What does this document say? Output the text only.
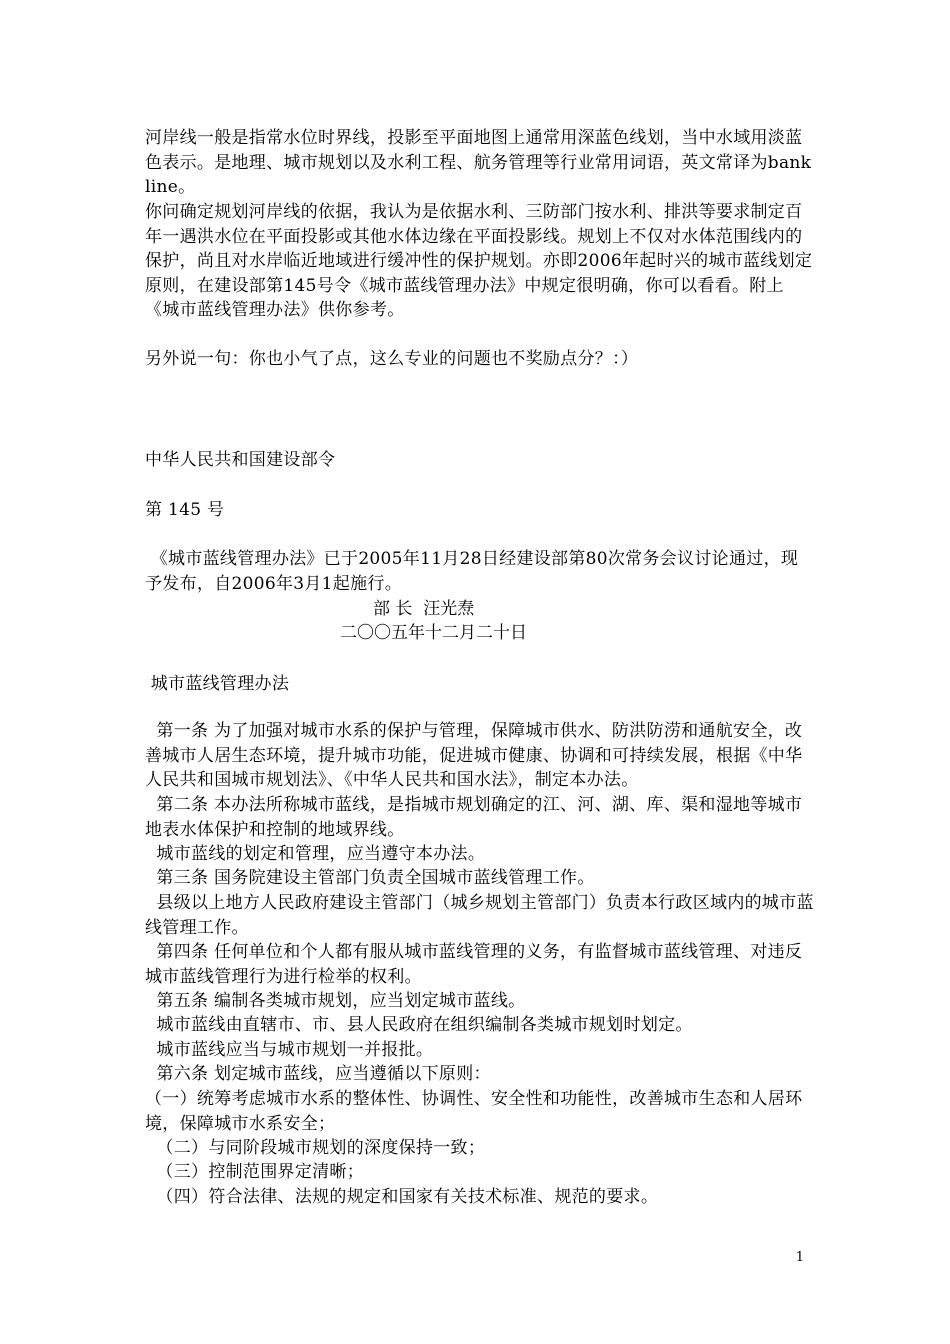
河岸线一般是指常水位时界线，投影至平面地图上通常用深蓝色线划，当中水域用淡蓝色表示。是地理、城市规划以及水利工程、航务管理等行业常用词语，英文常译为bank line。
你问确定规划河岸线的依据，我认为是依据水利、三防部门按水利、排洪等要求制定百年一遇洪水位在平面投影或其他水体边缘在平面投影线。规划上不仅对水体范围线内的保护，尚且对水岸临近地域进行缓冲性的保护规划。亦即2006年起时兴的城市蓝线划定原则，在建设部第145号令《城市蓝线管理办法》中规定很明确，你可以看看。附上《城市蓝线管理办法》供你参考。
另外说一句：你也小气了点，这么专业的问题也不奖励点分？：）
中华人民共和国建设部令
第 145 号
《城市蓝线管理办法》已于2005年11月28日经建设部第80次常务会议讨论通过，现予发布，自2006年3月1起施行。
部 长  汪光焘
二〇〇五年十二月二十日
城市蓝线管理办法
第一条 为了加强对城市水系的保护与管理，保障城市供水、防洪防涝和通航安全，改善城市人居生态环境，提升城市功能，促进城市健康、协调和可持续发展，根据《中华人民共和国城市规划法》、《中华人民共和国水法》，制定本办法。
第二条 本办法所称城市蓝线，是指城市规划确定的江、河、湖、库、渠和湿地等城市地表水体保护和控制的地域界线。
城市蓝线的划定和管理，应当遵守本办法。
第三条 国务院建设主管部门负责全国城市蓝线管理工作。
县级以上地方人民政府建设主管部门（城乡规划主管部门）负责本行政区域内的城市蓝线管理工作。
第四条 任何单位和个人都有服从城市蓝线管理的义务，有监督城市蓝线管理、对违反城市蓝线管理行为进行检举的权利。
第五条 编制各类城市规划，应当划定城市蓝线。
城市蓝线由直辖市、市、县人民政府在组织编制各类城市规划时划定。
城市蓝线应当与城市规划一并报批。
第六条 划定城市蓝线，应当遵循以下原则：
（一）统筹考虑城市水系的整体性、协调性、安全性和功能性，改善城市生态和人居环境，保障城市水系安全；
（二）与同阶段城市规划的深度保持一致；
（三）控制范围界定清晰；
（四）符合法律、法规的规定和国家有关技术标准、规范的要求。
1
